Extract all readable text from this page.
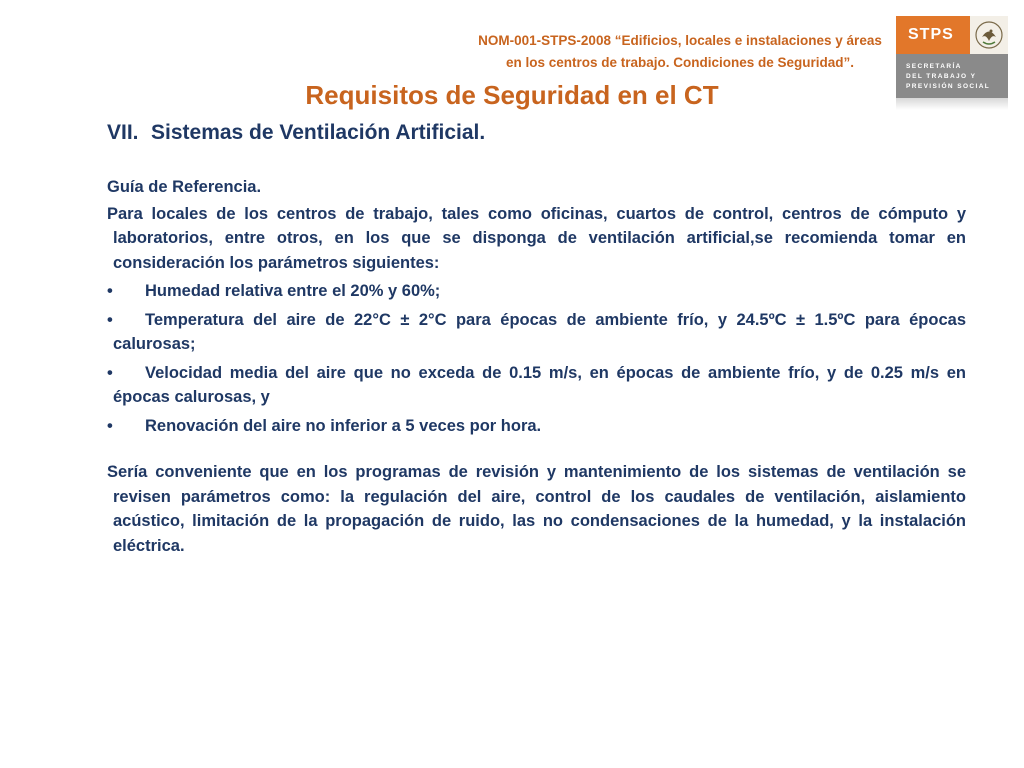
NOM-001-STPS-2008 “Edificios, locales e instalaciones y áreas
en los centros de trabajo. Condiciones de Seguridad”.
STPS
SECRETARÍA
DEL TRABAJO Y
PREVISIÓN SOCIAL
Requisitos de Seguridad en el CT
VII. Sistemas de Ventilación Artificial.
Guía de Referencia.
Para locales de los centros de trabajo, tales como oficinas, cuartos de control, centros de cómputo y laboratorios, entre otros, en los que se disponga de ventilación artificial,se recomienda tomar en consideración los parámetros siguientes:
• Humedad relativa entre el 20% y 60%;
• Temperatura del aire de 22°C ± 2°C para épocas de ambiente frío, y 24.5ºC ± 1.5ºC para épocas calurosas;
• Velocidad media del aire que no exceda de 0.15 m/s, en épocas de ambiente frío, y de 0.25 m/s en épocas calurosas, y
• Renovación del aire no inferior a 5 veces por hora.
Sería conveniente que en los programas de revisión y mantenimiento de los sistemas de ventilación se revisen parámetros como: la regulación del aire, control de los caudales de ventilación, aislamiento acústico, limitación de la propagación de ruido, las no condensaciones de la humedad, y la instalación eléctrica.
